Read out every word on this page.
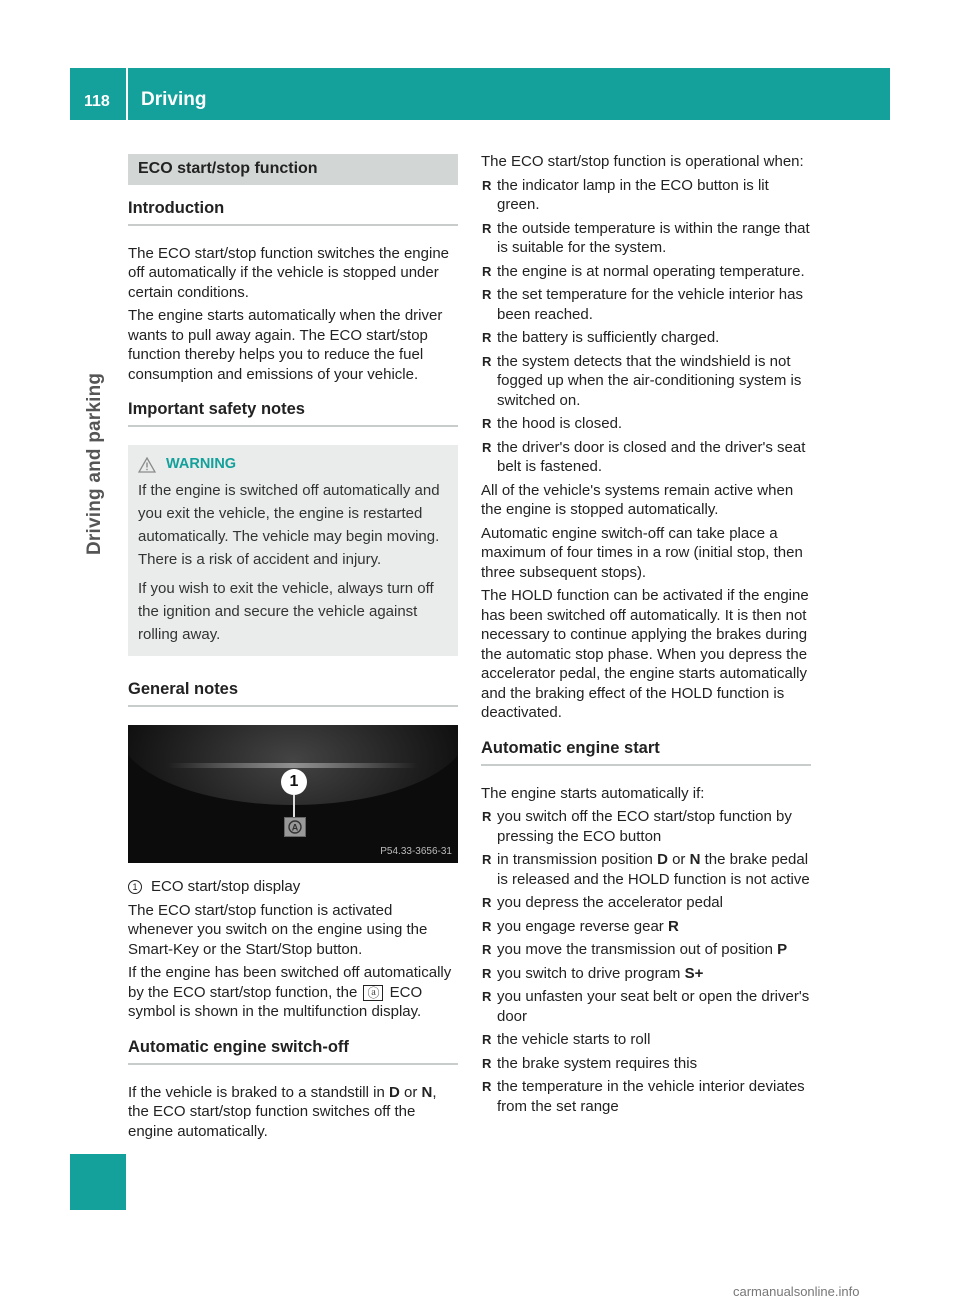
118 Driving
Driving and parking
ECO start/stop function
Introduction

The ECO start/stop function switches the engine off automatically if the vehicle is stopped under certain conditions.

The engine starts automatically when the driver wants to pull away again. The ECO start/stop function thereby helps you to reduce the fuel consumption and emissions of your vehicle.

Important safety notes
WARNING

If the engine is switched off automatically and you exit the vehicle, the engine is restarted automatically. The vehicle may begin moving. There is a risk of accident and injury.

If you wish to exit the vehicle, always turn off the ignition and secure the vehicle against rolling away.

General notes
1
A
P54.33-3656-31
1 ECO start/stop display

The ECO start/stop function is activated whenever you switch on the engine using the Smart-Key or the Start/Stop button.

If the engine has been switched off automatically by the ECO start/stop function, the ⓐ ECO symbol is shown in the multifunction display.

Automatic engine switch-off

If the vehicle is braked to a standstill in D or N, the ECO start/stop function switches off the engine automatically.

The ECO start/stop function is operational when:

R the indicator lamp in the ECO button is lit green.
R the outside temperature is within the range that is suitable for the system.
R the engine is at normal operating temperature.
R the set temperature for the vehicle interior has been reached.
R the battery is sufficiently charged.
R the system detects that the windshield is not fogged up when the air-conditioning system is switched on.
R the hood is closed.
R the driver's door is closed and the driver's seat belt is fastened.

All of the vehicle's systems remain active when the engine is stopped automatically.

Automatic engine switch-off can take place a maximum of four times in a row (initial stop, then three subsequent stops).

The HOLD function can be activated if the engine has been switched off automatically. It is then not necessary to continue applying the brakes during the automatic stop phase. When you depress the accelerator pedal, the engine starts automatically and the braking effect of the HOLD function is deactivated.

Automatic engine start

The engine starts automatically if:

R you switch off the ECO start/stop function by pressing the ECO button
R in transmission position D or N the brake pedal is released and the HOLD function is not active
R you depress the accelerator pedal
R you engage reverse gear R
R you move the transmission out of position P
R you switch to drive program S+
R you unfasten your seat belt or open the driver's door
R the vehicle starts to roll
R the brake system requires this
R the temperature in the vehicle interior deviates from the set range
carmanualsonline.info
